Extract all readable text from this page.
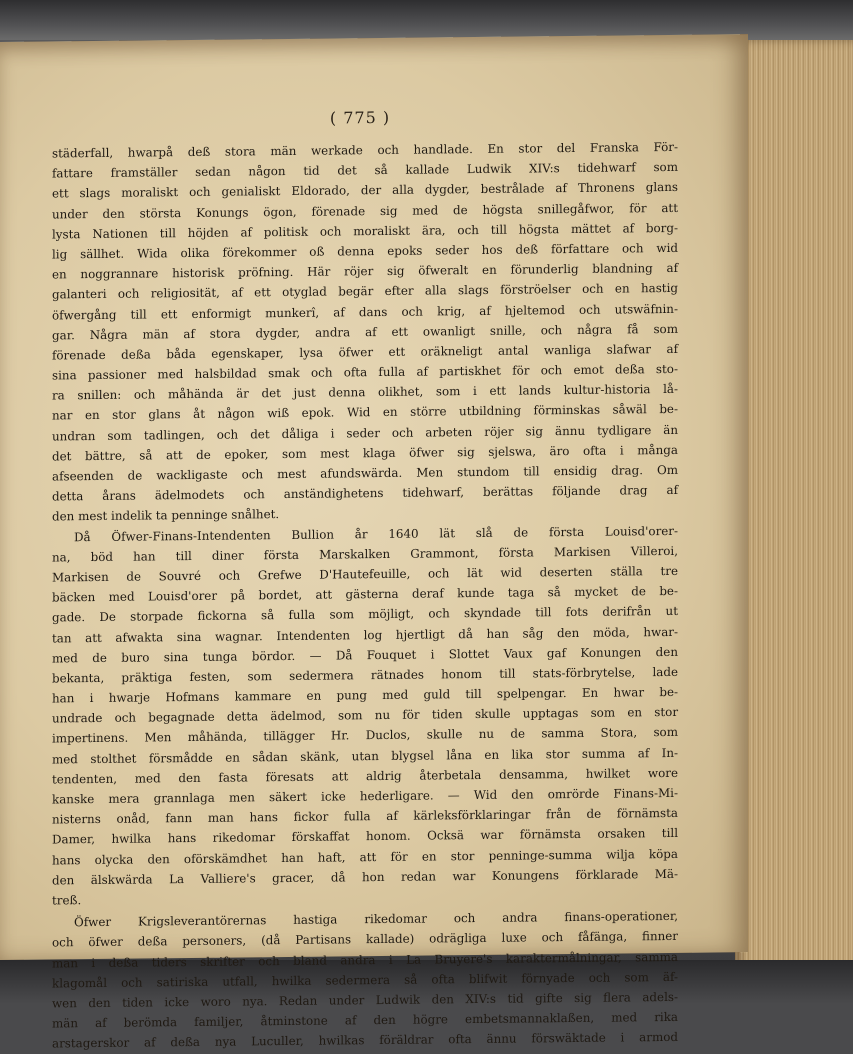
( 775 )
städerfall, hwarpå deß stora män werkade och handlade. En stor del Franska För-
fattare framställer sedan någon tid det så kallade Ludwik XIV:s tidehwarf som
ett slags moraliskt och genialiskt Eldorado, der alla dygder, bestrålade af Thronens glans
under den största Konungs ögon, förenade sig med de högsta snillegåfwor, för att
lysta Nationen till höjden af politisk och moraliskt ära, och till högsta mättet af borg-
lig sällhet. Wida olika förekommer oß denna epoks seder hos deß författare och wid
en noggrannare historisk pröfning. Här röjer sig öfweralt en förunderlig blandning af
galanteri och religiosität, af ett otyglad begär efter alla slags förströelser och en hastig
öfwergång till ett enformigt munkerî, af dans och krig, af hjeltemod och utswäfnin-
gar. Några män af stora dygder, andra af ett owanligt snille, och några få som
förenade deßa båda egenskaper, lysa öfwer ett oräkneligt antal wanliga slafwar af
sina passioner med halsbildad smak och ofta fulla af partiskhet för och emot deßa sto-
ra snillen: och måhända är det just denna olikhet, som i ett lands kultur-historia lå-
nar en stor glans åt någon wiß epok. Wid en större utbildning förminskas såwäl be-
undran som tadlingen, och det dåliga i seder och arbeten röjer sig ännu tydligare än
det bättre, så att de epoker, som mest klaga öfwer sig sjelswa, äro ofta i många
afseenden de wackligaste och mest afundswärda. Men stundom till ensidig drag. Om
detta årans ädelmodets och anständighetens tidehwarf, berättas följande drag af
den mest indelik ta penninge snålhet.
Då Öfwer-Finans-Intendenten Bullion år 1640 lät slå de första Louisd'orer-
na, böd han till diner första Marskalken Grammont, första Markisen Villeroi,
Markisen de Souvré och Grefwe D'Hautefeuille, och lät wid deserten ställa tre
bäcken med Louisd'orer på bordet, att gästerna deraf kunde taga så mycket de be-
gade. De storpade fickorna så fulla som möjligt, och skyndade till fots derifrån ut
tan att afwakta sina wagnar. Intendenten log hjertligt då han såg den möda, hwar-
med de buro sina tunga bördor. — Då Fouquet i Slottet Vaux gaf Konungen den
bekanta, präktiga festen, som sedermera rätnades honom till stats-förbrytelse, lade
han i hwarje Hofmans kammare en pung med guld till spelpengar. En hwar be-
undrade och begagnade detta ädelmod, som nu för tiden skulle upptagas som en stor
impertinens. Men måhända, tillägger Hr. Duclos, skulle nu de samma Stora, som
med stolthet försmådde en sådan skänk, utan blygsel låna en lika stor summa af In-
tendenten, med den fasta föresats att aldrig återbetala densamma, hwilket wore
kanske mera grannlaga men säkert icke hederligare. — Wid den omrörde Finans-Mi-
nisterns onåd, fann man hans fickor fulla af kärleksförklaringar från de förnämsta
Damer, hwilka hans rikedomar förskaffat honom. Ocksä war förnämsta orsaken till
hans olycka den oförskämdhet han haft, att för en stor penninge-summa wilja köpa
den älskwärda La Valliere's gracer, då hon redan war Konungens förklarade Mä-
treß.
Öfwer Krigsleverantörernas hastiga rikedomar och andra finans-operationer,
och öfwer deßa personers, (då Partisans kallade) odrägliga luxe och fåfänga, finner
man i deßa tiders skrifter och bland andra i La Bruyere's karaktermålningar, samma
klagomål och satiriska utfall, hwilka sedermera så ofta blifwit förnyade och som äf-
wen den tiden icke woro nya. Redan under Ludwik den XIV:s tid gifte sig flera adels-
män af berömda familjer, åtminstone af den högre embetsmannaklaßen, med rika
arstagerskor af deßa nya Luculler, hwilkas föräldrar ofta ännu förswäktade i armod
